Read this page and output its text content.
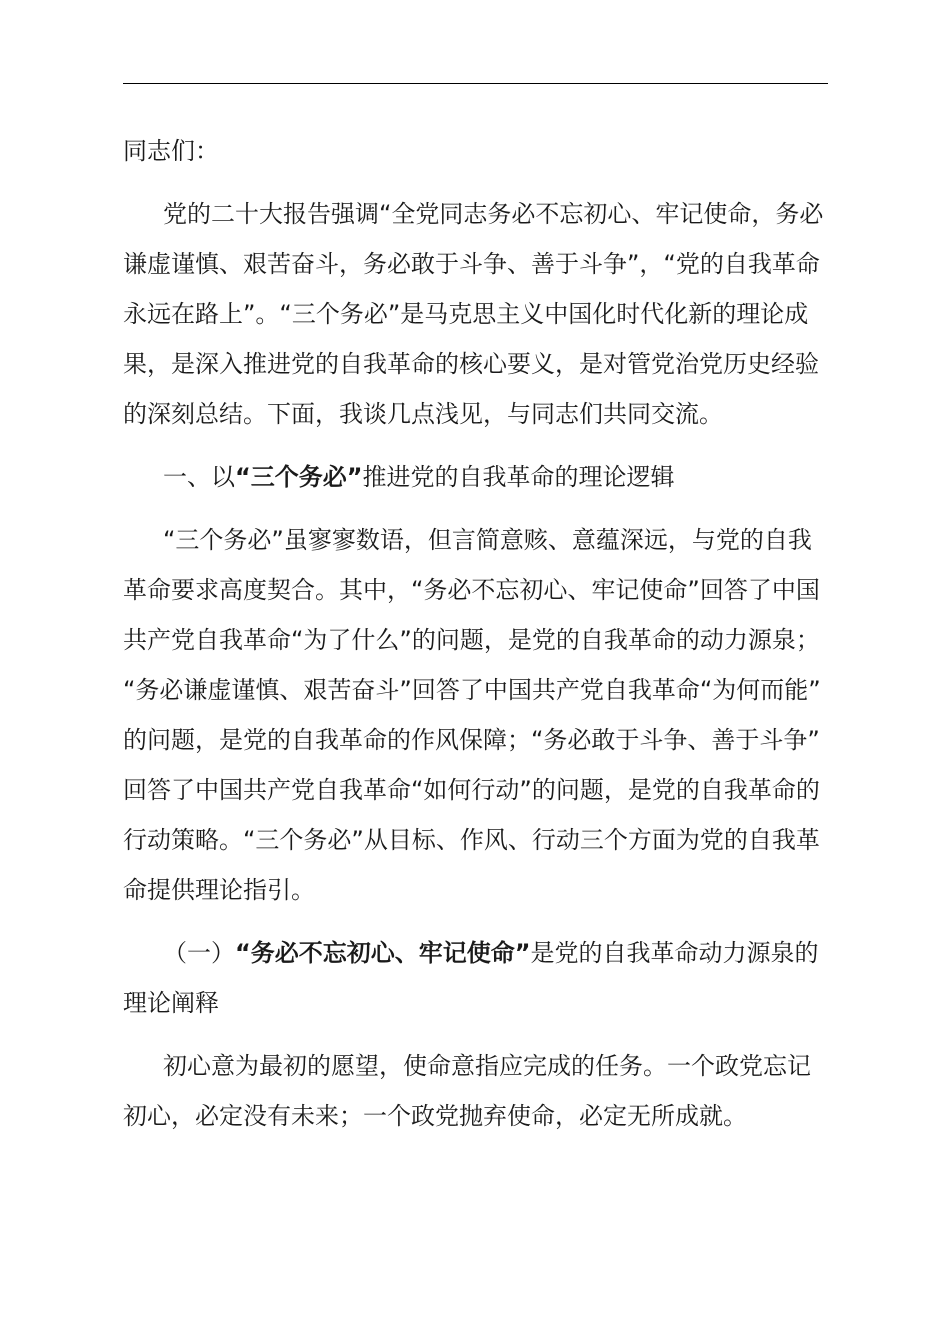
同志们：

党的二十大报告强调“全党同志务必不忘初心、牢记使命，务必谦虚谨慎、艰苦奋斗，务必敢于斗争、善于斗争”，“党的自我革命永远在路上”。“三个务必”是马克思主义中国化时代化新的理论成果，是深入推进党的自我革命的核心要义，是对管党治党历史经验的深刻总结。下面，我谈几点浅见，与同志们共同交流。

一、以“三个务必”推进党的自我革命的理论逻辑

“三个务必”虽寥寥数语，但言简意赅、意蕴深远，与党的自我革命要求高度契合。其中，“务必不忘初心、牢记使命”回答了中国共产党自我革命“为了什么”的问题，是党的自我革命的动力源泉；“务必谦虚谨慎、艰苦奋斗”回答了中国共产党自我革命“为何而能”的问题，是党的自我革命的作风保障；“务必敢于斗争、善于斗争”回答了中国共产党自我革命“如何行动”的问题，是党的自我革命的行动策略。“三个务必”从目标、作风、行动三个方面为党的自我革命提供理论指引。

（一）“务必不忘初心、牢记使命”是党的自我革命动力源泉的理论阐释

初心意为最初的愿望，使命意指应完成的任务。一个政党忘记初心，必定没有未来；一个政党抛弃使命，必定无所成就。
